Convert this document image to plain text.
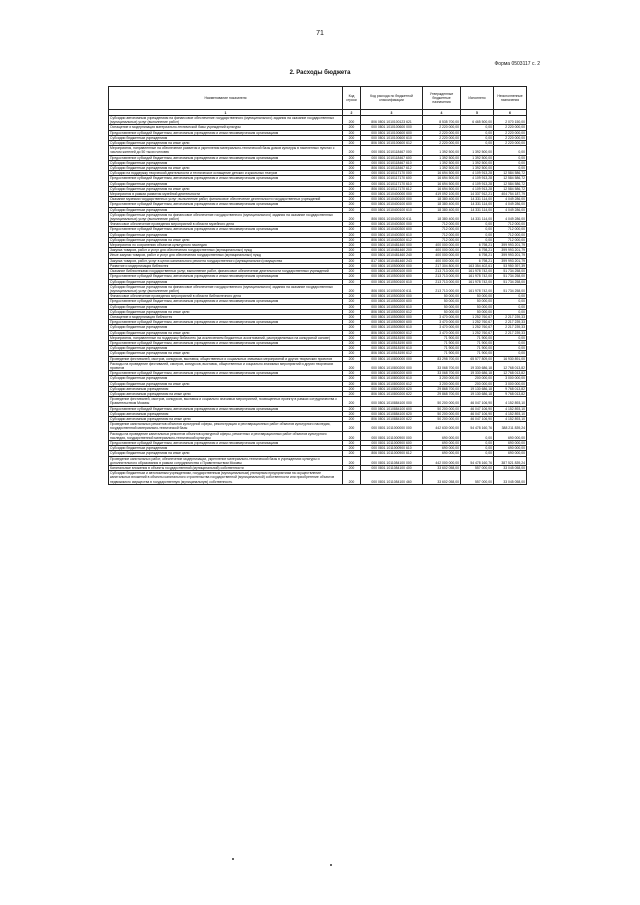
71
Форма 0503117 с. 2
2. Расходы бюджета
Наименование показателя	Код строки	Код расхода по бюджетной классификации	Утвержденные бюджетные назначения	Исполнено	Неисполненные назначения
1	2	3	4	5	6
Субсидии автономным учреждениям на финансовое обеспечение государственного (муниципального) задания на оказание государственных (муниципальных) услуг (выполнение работ)	200	806 0801 1010100123 621	8 535 700,00	6 465 500,00	2 070 150,00
Оснащение и модернизация материально-технической базы учреждений культуры	200	000 0801 1010100600 000	2 220 000,00	0,00	2 220 000,00
Предоставление субсидий бюджетным, автономным учреждениям и иным некоммерческим организациям	200	000 0801 1010100600 600	2 220 000,00	0,00	2 220 000,00
Субсидии бюджетным учреждениям	200	000 0801 1010100600 610	2 220 000,00	0,00	2 220 000,00
Субсидии бюджетным учреждениям на иные цели	200	806 0801 1010100600 612	2 220 000,00	0,00	2 220 000,00
Мероприятия, направленные на обеспечение развития и укрепления материально-технической базы домов культуры в населенных пунктах с числом жителей до 50 тысяч человек	200	000 0801 1010118467 000	1 392 500,00	1 392 500,00	0,00
Предоставление субсидий бюджетным, автономным учреждениям и иным некоммерческим организациям	200	000 0801 1010118467 600	1 392 500,00	1 392 500,00	0,00
Субсидии бюджетным учреждениям	200	000 0801 1010118467 610	1 392 500,00	1 392 500,00	0,00
Субсидии бюджетным учреждениям на иные цели	200	806 0801 1010118467 612	1 392 500,00	1 392 500,00	0,00
Субсидии на поддержку творческой деятельности и техническое оснащение детских и кукольных театров	200	000 0801 1010117170 000	16 694 500,00	4 109 913,28	12 584 586,72
Предоставление субсидий бюджетным, автономным учреждениям и иным некоммерческим организациям	200	000 0801 1010117170 600	16 694 500,00	4 109 913,28	12 584 586,72
Субсидии бюджетным учреждениям	200	000 0801 1010117170 610	16 694 500,00	4 109 913,28	12 584 586,72
Субсидии бюджетным учреждениям на иные цели	200	806 0801 1010117170 612	16 694 500,00	4 109 913,28	12 584 586,72
Мероприятия в рамках развития музейной деятельности	200	000 0801 1010400000 000	419 092 100,00	14 337 912,21	404 754 187,79
Оказание музеями государственных услуг; выполнение работ, финансовое обеспечение деятельности государственных учреждений	200	000 0801 1010400100 000	18 380 400,00	14 331 114,00	4 049 286,00
Предоставление субсидий бюджетным, автономным учреждениям и иным некоммерческим организациям	200	000 0801 1010400100 600	18 380 400,00	14 331 114,00	4 049 286,00
Субсидии бюджетным учреждениям	200	000 0801 1010400100 610	18 380 400,00	14 331 114,00	4 049 286,00
Субсидии бюджетным учреждениям на финансовое обеспечение государственного (муниципального) задания на оказание государственных (муниципальных) услуг (выполнение работ)	200	806 0801 1010400100 611	18 380 400,00	14 331 114,00	4 049 286,00
Финансовое обеспечение проведения мероприятий в области музейного дела	200	000 0801 1010400300 000	712 000,00	0,00	712 000,00
Предоставление субсидий бюджетным, автономным учреждениям и иным некоммерческим организациям	200	000 0801 1010400300 600	712 000,00	0,00	712 000,00
Субсидии бюджетным учреждениям	200	000 0801 1010400300 610	712 000,00	0,00	712 000,00
Субсидии бюджетным учреждениям на иные цели	200	806 0801 1010400300 612	712 000,00	0,00	712 000,00
Мероприятия по сохранению объектов культурного наследия	200	000 0801 1010481460 000	400 000 000,00	6 798,21	399 993 201,79
Закупка товаров, работ и услуг для обеспечения государственных (муниципальных) нужд	200	000 0801 1010481460 200	400 000 000,00	6 798,21	399 993 201,79
Иные закупки товаров, работ и услуг для обеспечения государственных (муниципальных) нужд	200	000 0801 1010481460 240	400 000 000,00	6 798,21	399 993 201,79
Закупка товаров, работ, услуг в целях капитального ремонта государственного (муниципального) имущества	200	817 0801 1010481460 243	400 000 000,00	6 798,21	399 993 201,79
Развитие и модернизация библиотек	200	000 0801 1010500000 000	217 304 800,00	163 354 402,61	53 950 397,39
Оказание библиотеками государственных услуг, выполнение работ, финансовое обеспечение деятельности государственных учреждений	200	000 0801 1010500100 000	213 713 000,00	161 978 742,00	51 734 258,00
Предоставление субсидий бюджетным, автономным учреждениям и иным некоммерческим организациям	200	000 0801 1010500100 600	213 713 000,00	161 978 742,00	51 734 258,00
Субсидии бюджетным учреждениям	200	000 0801 1010500100 610	213 713 000,00	161 978 742,00	51 734 258,00
Субсидии бюджетным учреждениям на финансовое обеспечение государственного (муниципального) задания на оказание государственных (муниципальных) услуг (выполнение работ)	200	806 0801 1010500100 611	213 713 000,00	161 978 742,00	51 734 258,00
Финансовое обеспечение проведения мероприятий в области библиотечного дела	200	000 0801 1010500200 000	50 000,00	50 000,00	0,00
Предоставление субсидий бюджетным, автономным учреждениям и иным некоммерческим организациям	200	000 0801 1010500200 600	50 000,00	50 000,00	0,00
Субсидии бюджетным учреждениям	200	000 0801 1010500200 610	50 000,00	50 000,00	0,00
Субсидии бюджетным учреждениям на иные цели	200	806 0801 1010500200 612	50 000,00	50 000,00	0,00
Оснащение и модернизация библиотек	200	000 0801 1010500500 000	3 470 000,00	1 252 760,67	2 217 239,33
Предоставление субсидий бюджетным, автономным учреждениям и иным некоммерческим организациям	200	000 0801 1010500500 600	3 470 000,00	1 252 760,67	2 217 239,33
Субсидии бюджетным учреждениям	200	000 0801 1010500500 610	3 470 000,00	1 252 760,67	2 217 239,33
Субсидии бюджетным учреждениям на иные цели	200	806 0801 1010500500 612	3 470 000,00	1 252 760,67	2 217 239,33
Мероприятия, направленные на поддержку библиотек (за исключением бюджетных ассигнований, распределяемых на конкурсной основе)	200	000 0801 1010518190 000	71 900,00	71 900,00	0,00
Предоставление субсидий бюджетным, автономным учреждениям и иным некоммерческим организациям	200	000 0801 1010518190 600	71 900,00	71 900,00	0,00
Субсидии бюджетным учреждениям	200	000 0801 1010518190 610	71 900,00	71 900,00	0,00
Субсидии бюджетным учреждениям на иные цели	200	806 0801 1010518190 612	71 900,00	71 900,00	0,00
Проведение фестивалей, смотров, конкурсов, выставок, общественных и социальных значимых мероприятий и других творческих проектов	200	000 0801 1010800000 000	83 298 700,00	65 577 809,00	16 930 891,00
Расходы на проведение фестивалей, смотров, конкурсов, выставок, общественных и социально значимых мероприятий и других творческих проектов	200	000 0801 1010800200 000	33 068 700,00	19 330 686,18	12 768 013,82
Предоставление субсидий бюджетным, автономным учреждениям и иным некоммерческим организациям	200	000 0801 1010800200 600	33 068 700,00	19 330 686,18	12 768 013,82
Субсидии бюджетным учреждениям	200	000 0801 1010800200 610	3 200 000,00	200 000,00	3 000 000,00
Субсидии бюджетным учреждениям на иные цели	200	806 0801 1010800200 612	3 200 000,00	200 000,00	3 000 000,00
Субсидии автономным учреждениям	200	000 0801 1010800200 620	29 868 700,00	19 130 686,18	9 768 013,82
Субсидии автономным учреждениям на иные цели	200	806 0801 1010800200 622	29 868 700,00	19 130 686,18	9 768 013,82
Проведение фестивалей, смотров, конкурсов, выставок и социально значимых мероприятий, посвященных проекту в рамках сотрудничества с Правительством Москвы	200	000 0801 1010884100 000	50 200 000,00	46 047 106,90	4 152 893,10
Предоставление субсидий бюджетным, автономным учреждениям и иным некоммерческим организациям	200	000 0801 1010884100 600	50 200 000,00	46 047 106,90	4 152 893,10
Субсидии автономным учреждениям	200	000 0801 1010884100 620	50 200 000,00	46 047 106,90	4 152 893,10
Субсидии автономным учреждениям на иные цели	200	806 0801 1010884100 622	50 200 000,00	46 047 106,90	4 152 893,10
Проведение капитальных ремонтов объектов культурной сферы, реконструкция и реставрационных работ объектов культурного наследия, государственной материально-технической базы	200	000 0801 1011000000 000	442 630 000,00	54 478 160,76	388 211 839,24
Расходы на проведение капитальных ремонтов объектов культурной сферы, ремонтных и реставрационных работ объектов культурного наследия, государственной материально-технической культуры	200	000 0801 1011000900 000	690 000,00	0,00	690 000,00
Предоставление субсидий бюджетным, автономным учреждениям и иным некоммерческим организациям	200	000 0801 1011000900 600	690 000,00	0,00	690 000,00
Субсидии бюджетным учреждениям	200	000 0801 1011000900 610	690 000,00	0,00	690 000,00
Субсидии бюджетным учреждениям на иные цели	200	806 0801 1011000900 612	690 000,00	0,00	690 000,00
Проведение капитальных работ, обеспечение модернизации, укрепление материально-технической базы в учреждениях культуры и дополнительного образования в рамках сотрудничества с Правительством Москвы	200	000 0801 1011084100 000	442 000 000,00	54 478 160,76	387 521 839,24
Капитальные вложения в объекты государственной (муниципальной) собственности	200	000 0801 1011084100 400	33 602 058,00	557 000,00	33 045 058,00
Субсидии бюджетным и автономным учреждениям, государственным (муниципальным) унитарным предприятиям на осуществление капитальных вложений в объекты капитального строительства государственной (муниципальной) собственности или приобретение объектов недвижимого имущества в государственную (муниципальную) собственность	200	000 0801 1011084100 460	33 602 058,00	557 000,00	33 045 058,00
